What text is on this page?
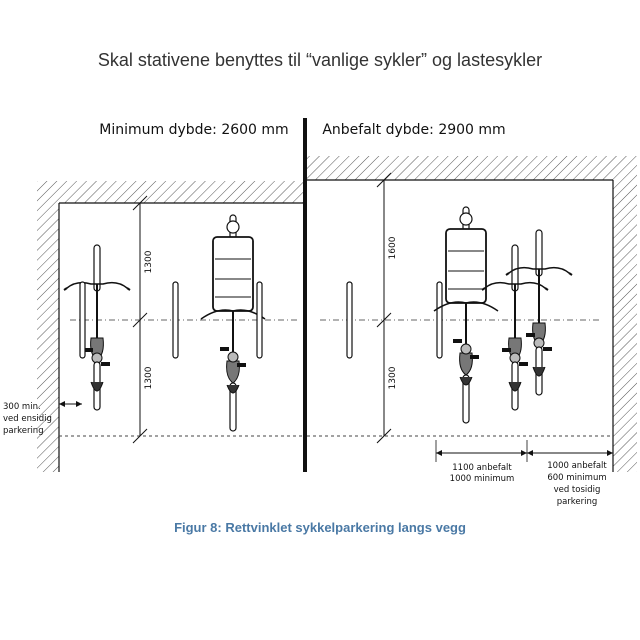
Skal stativene benyttes til “vanlige sykler” og lastesykler
Minimum dybde: 2600 mm Anbefalt dybde: 2900 mm
1300
1300
300 min.
ved ensidig
parkering
1600
1300
1100 anbefalt
1000 minimum
1000 anbefalt
600 minimum
ved tosidig
parkering
Figur 8: Rettvinklet sykkelparkering langs vegg
